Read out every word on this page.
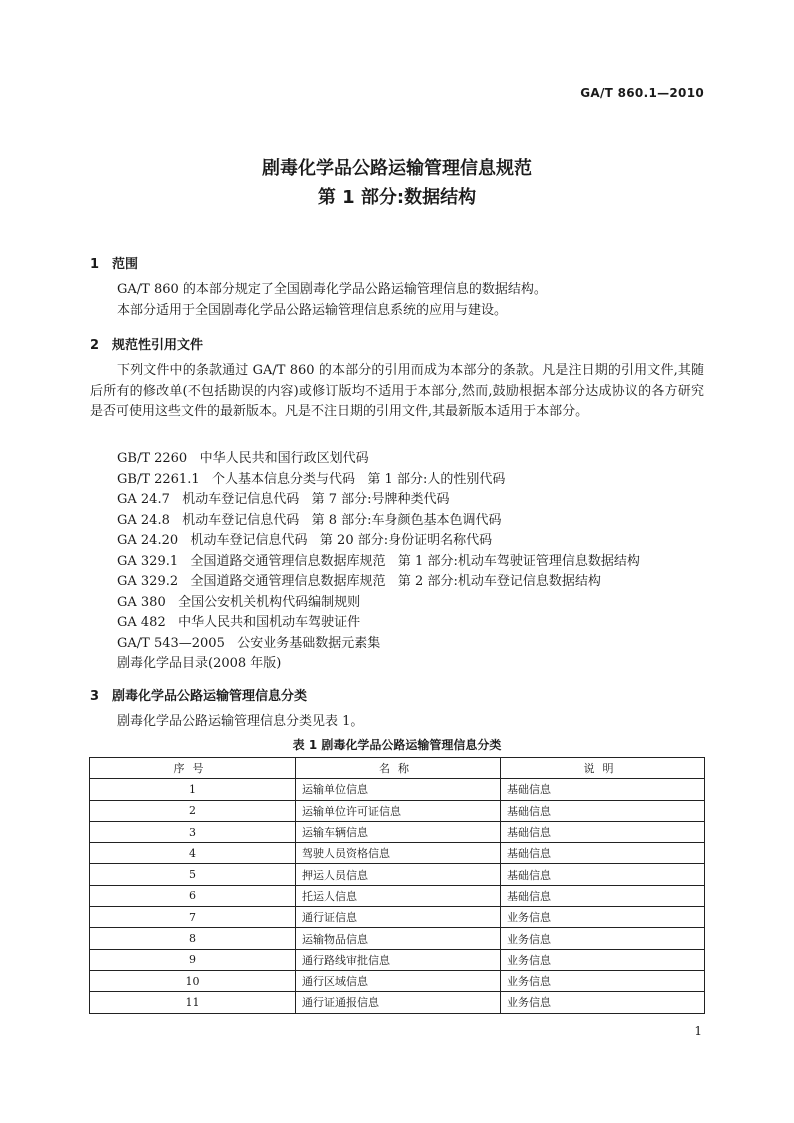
GA/T 860.1—2010
剧毒化学品公路运输管理信息规范
第 1 部分:数据结构
1 范围
GA/T 860 的本部分规定了全国剧毒化学品公路运输管理信息的数据结构。
本部分适用于全国剧毒化学品公路运输管理信息系统的应用与建设。
2 规范性引用文件
下列文件中的条款通过 GA/T 860 的本部分的引用而成为本部分的条款。凡是注日期的引用文件,其随后所有的修改单(不包括勘误的内容)或修订版均不适用于本部分,然而,鼓励根据本部分达成协议的各方研究是否可使用这些文件的最新版本。凡是不注日期的引用文件,其最新版本适用于本部分。
GB/T 2260   中华人民共和国行政区划代码
GB/T 2261.1   个人基本信息分类与代码   第 1 部分:人的性别代码
GA 24.7   机动车登记信息代码   第 7 部分:号牌种类代码
GA 24.8   机动车登记信息代码   第 8 部分:车身颜色基本色调代码
GA 24.20   机动车登记信息代码   第 20 部分:身份证明名称代码
GA 329.1   全国道路交通管理信息数据库规范   第 1 部分:机动车驾驶证管理信息数据结构
GA 329.2   全国道路交通管理信息数据库规范   第 2 部分:机动车登记信息数据结构
GA 380   全国公安机关机构代码编制规则
GA 482   中华人民共和国机动车驾驶证件
GA/T 543—2005   公安业务基础数据元素集
剧毒化学品目录(2008 年版)
3 剧毒化学品公路运输管理信息分类
剧毒化学品公路运输管理信息分类见表 1。
表 1 剧毒化学品公路运输管理信息分类
序号	名称	说明
1	运输单位信息	基础信息
2	运输单位许可证信息	基础信息
3	运输车辆信息	基础信息
4	驾驶人员资格信息	基础信息
5	押运人员信息	基础信息
6	托运人信息	基础信息
7	通行证信息	业务信息
8	运输物品信息	业务信息
9	通行路线审批信息	业务信息
10	通行区域信息	业务信息
11	通行证通报信息	业务信息
1
